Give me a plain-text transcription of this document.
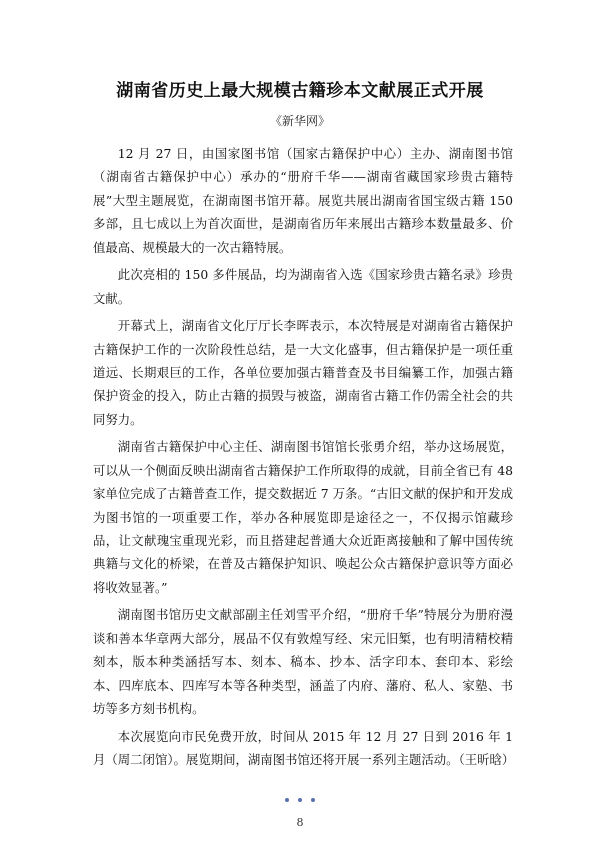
湖南省历史上最大规模古籍珍本文献展正式开展
《新华网》

12 月 27 日，由国家图书馆（国家古籍保护中心）主办、湖南图书馆（湖南省古籍保护中心）承办的“册府千华——湖南省藏国家珍贵古籍特展”大型主题展览，在湖南图书馆开幕。展览共展出湖南省国宝级古籍 150 多部，且七成以上为首次面世，是湖南省历年来展出古籍珍本数量最多、价值最高、规模最大的一次古籍特展。

此次亮相的 150 多件展品，均为湖南省入选《国家珍贵古籍名录》珍贵文献。

开幕式上，湖南省文化厅厅长李晖表示，本次特展是对湖南省古籍保护古籍保护工作的一次阶段性总结，是一大文化盛事，但古籍保护是一项任重道远、长期艰巨的工作，各单位要加强古籍普查及书目编纂工作，加强古籍保护资金的投入，防止古籍的损毁与被盗，湖南省古籍工作仍需全社会的共同努力。

湖南省古籍保护中心主任、湖南图书馆馆长张勇介绍，举办这场展览，可以从一个侧面反映出湖南省古籍保护工作所取得的成就，目前全省已有 48 家单位完成了古籍普查工作，提交数据近 7 万条。“古旧文献的保护和开发成为图书馆的一项重要工作，举办各种展览即是途径之一，不仅揭示馆藏珍品，让文献瑰宝重现光彩，而且搭建起普通大众近距离接触和了解中国传统典籍与文化的桥梁，在普及古籍保护知识、唤起公众古籍保护意识等方面必将收效显著。”

湖南图书馆历史文献部副主任刘雪平介绍，“册府千华”特展分为册府漫谈和善本华章两大部分，展品不仅有敦煌写经、宋元旧椠，也有明清精校精刻本，版本种类涵括写本、刻本、稿本、抄本、活字印本、套印本、彩绘本、四库底本、四库写本等各种类型，涵盖了内府、藩府、私人、家塾、书坊等多方刻书机构。

本次展览向市民免费开放，时间从 2015 年 12 月 27 日到 2016 年 1 月（周二闭馆）。展览期间，湖南图书馆还将开展一系列主题活动。（王昕晗）

8
